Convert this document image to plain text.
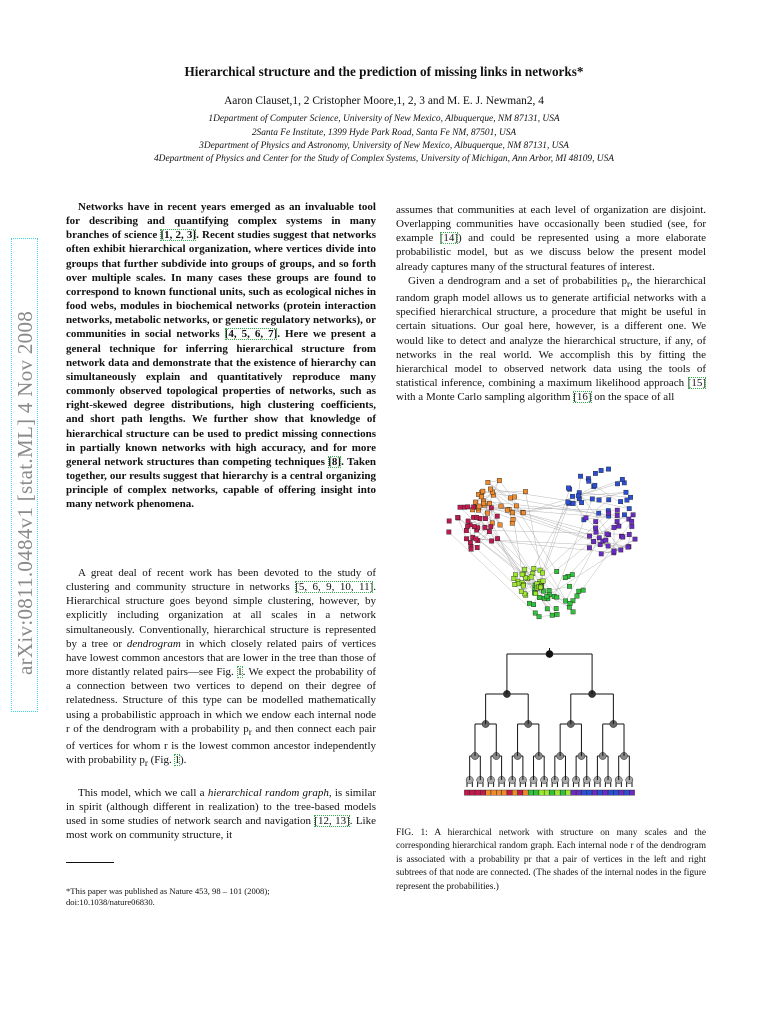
Hierarchical structure and the prediction of missing links in networks*
Aaron Clauset,1, 2 Cristopher Moore,1, 2, 3 and M. E. J. Newman2, 4
1Department of Computer Science, University of New Mexico, Albuquerque, NM 87131, USA
2Santa Fe Institute, 1399 Hyde Park Road, Santa Fe NM, 87501, USA
3Department of Physics and Astronomy, University of New Mexico, Albuquerque, NM 87131, USA
4Department of Physics and Center for the Study of Complex Systems, University of Michigan, Ann Arbor, MI 48109, USA
arXiv:0811.0484v1 [stat.ML] 4 Nov 2008

Networks have in recent years emerged as an invaluable tool for describing and quantifying complex systems in many branches of science [1, 2, 3]. Recent studies suggest that networks often exhibit hierarchical organization, where vertices divide into groups that further subdivide into groups of groups, and so forth over multiple scales. In many cases these groups are found to correspond to known functional units, such as ecological niches in food webs, modules in biochemical networks (protein interaction networks, metabolic networks, or genetic regulatory networks), or communities in social networks [4, 5, 6, 7]. Here we present a general technique for inferring hierarchical structure from network data and demonstrate that the existence of hierarchy can simultaneously explain and quantitatively reproduce many commonly observed topological properties of networks, such as right-skewed degree distributions, high clustering coefficients, and short path lengths. We further show that knowledge of hierarchical structure can be used to predict missing connections in partially known networks with high accuracy, and for more general network structures than competing techniques [8]. Taken together, our results suggest that hierarchy is a central organizing principle of complex networks, capable of offering insight into many network phenomena.

A great deal of recent work has been devoted to the study of clustering and community structure in networks [5, 6, 9, 10, 11]. Hierarchical structure goes beyond simple clustering, however, by explicitly including organization at all scales in a network simultaneously. Conventionally, hierarchical structure is represented by a tree or dendrogram in which closely related pairs of vertices have lowest common ancestors that are lower in the tree than those of more distantly related pairs—see Fig. 1. We expect the probability of a connection between two vertices to depend on their degree of relatedness. Structure of this type can be modelled mathematically using a probabilistic approach in which we endow each internal node r of the dendrogram with a probability $p_r$ and then connect each pair of vertices for whom r is the lowest common ancestor independently with probability $p_r$ (Fig. 1).

This model, which we call a hierarchical random graph, is similar in spirit (although different in realization) to the tree-based models used in some studies of network search and navigation [12, 13]. Like most work on community structure, it

assumes that communities at each level of organization are disjoint. Overlapping communities have occasionally been studied (see, for example [14]) and could be represented using a more elaborate probabilistic model, but as we discuss below the present model already captures many of the structural features of interest.

Given a dendrogram and a set of probabilities $p_r$, the hierarchical random graph model allows us to generate artificial networks with a specified hierarchical structure, a procedure that might be useful in certain situations. Our goal here, however, is a different one. We would like to detect and analyze the hierarchical structure, if any, of networks in the real world. We accomplish this by fitting the hierarchical model to observed network data using the tools of statistical inference, combining a maximum likelihood approach [15] with a Monte Carlo sampling algorithm [16] on the space of all

FIG. 1: A hierarchical network with structure on many scales and the corresponding hierarchical random graph. Each internal node r of the dendrogram is associated with a probability pr that a pair of vertices in the left and right subtrees of that node are connected. (The shades of the internal nodes in the figure represent the probabilities.)
*This paper was published as Nature 453, 98 – 101 (2008);
doi:10.1038/nature06830.
